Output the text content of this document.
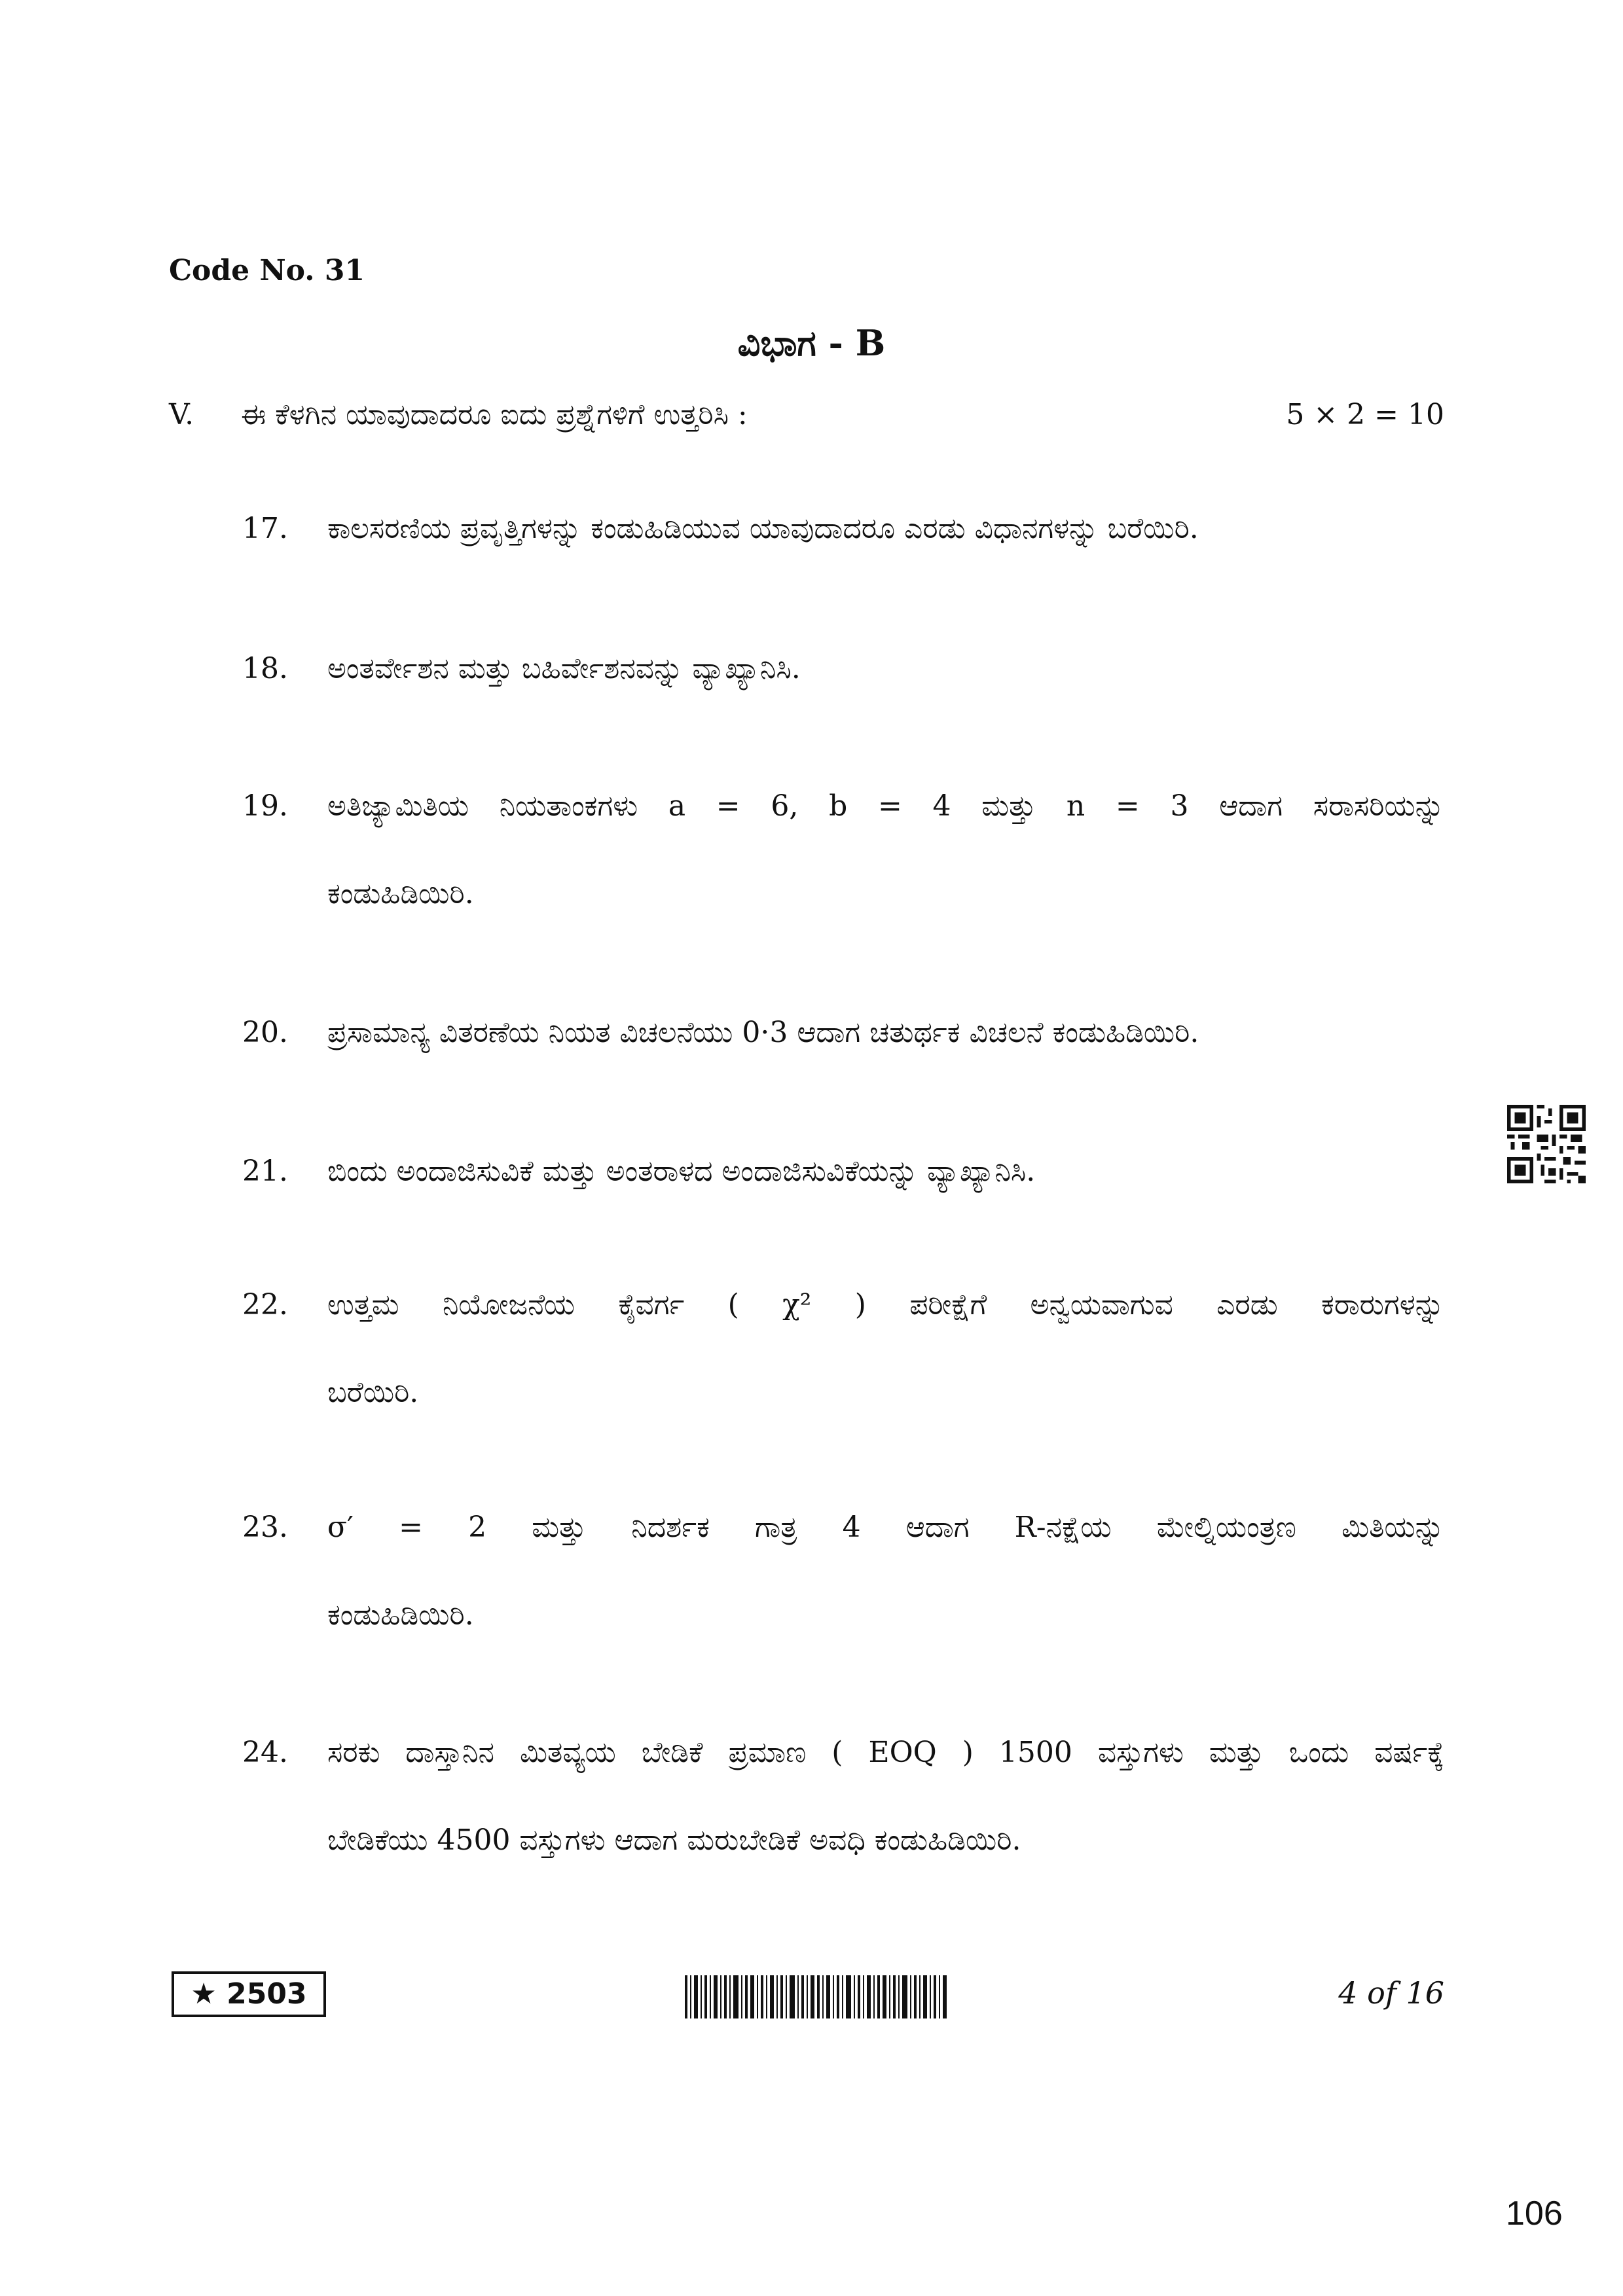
Code No. 31
ವಿಭಾಗ - B
V. ಈ ಕೆಳಗಿನ ಯಾವುದಾದರೂ ಐದು ಪ್ರಶ್ನೆಗಳಿಗೆ ಉತ್ತರಿಸಿ :	5 × 2 = 10
17. ಕಾಲಸರಣಿಯ ಪ್ರವೃತ್ತಿಗಳನ್ನು ಕಂಡುಹಿಡಿಯುವ ಯಾವುದಾದರೂ ಎರಡು ವಿಧಾನಗಳನ್ನು ಬರೆಯಿರಿ.
18. ಅಂತರ್ವೇಶನ ಮತ್ತು ಬಹಿರ್ವೇಶನವನ್ನು ವ್ಯಾಖ್ಯಾನಿಸಿ.
19. ಅತಿಜ್ಯಾಮಿತಿಯ ನಿಯತಾಂಕಗಳು a = 6, b = 4 ಮತ್ತು n = 3 ಆದಾಗ ಸರಾಸರಿಯನ್ನು
ಕಂಡುಹಿಡಿಯಿರಿ.
20. ಪ್ರಸಾಮಾನ್ಯ ವಿತರಣೆಯ ನಿಯತ ವಿಚಲನೆಯು 0·3 ಆದಾಗ ಚತುರ್ಥಕ ವಿಚಲನೆ ಕಂಡುಹಿಡಿಯಿರಿ.
21. ಬಿಂದು ಅಂದಾಜಿಸುವಿಕೆ ಮತ್ತು ಅಂತರಾಳದ ಅಂದಾಜಿಸುವಿಕೆಯನ್ನು ವ್ಯಾಖ್ಯಾನಿಸಿ.
22. ಉತ್ತಮ ನಿಯೋಜನೆಯ ಕೈವರ್ಗ ( χ² ) ಪರೀಕ್ಷೆಗೆ ಅನ್ವಯವಾಗುವ ಎರಡು ಕರಾರುಗಳನ್ನು
ಬರೆಯಿರಿ.
23. σ′ = 2 ಮತ್ತು ನಿದರ್ಶಕ ಗಾತ್ರ 4 ಆದಾಗ R-ನಕ್ಷೆಯ ಮೇಲ್ನಿಯಂತ್ರಣ ಮಿತಿಯನ್ನು
ಕಂಡುಹಿಡಿಯಿರಿ.
24. ಸರಕು ದಾಸ್ತಾನಿನ ಮಿತವ್ಯಯ ಬೇಡಿಕೆ ಪ್ರಮಾಣ ( EOQ ) 1500 ವಸ್ತುಗಳು ಮತ್ತು ಒಂದು ವರ್ಷಕ್ಕೆ
ಬೇಡಿಕೆಯು 4500 ವಸ್ತುಗಳು ಆದಾಗ ಮರುಬೇಡಿಕೆ ಅವಧಿ ಕಂಡುಹಿಡಿಯಿರಿ.
★ 2503	4 of 16
106
